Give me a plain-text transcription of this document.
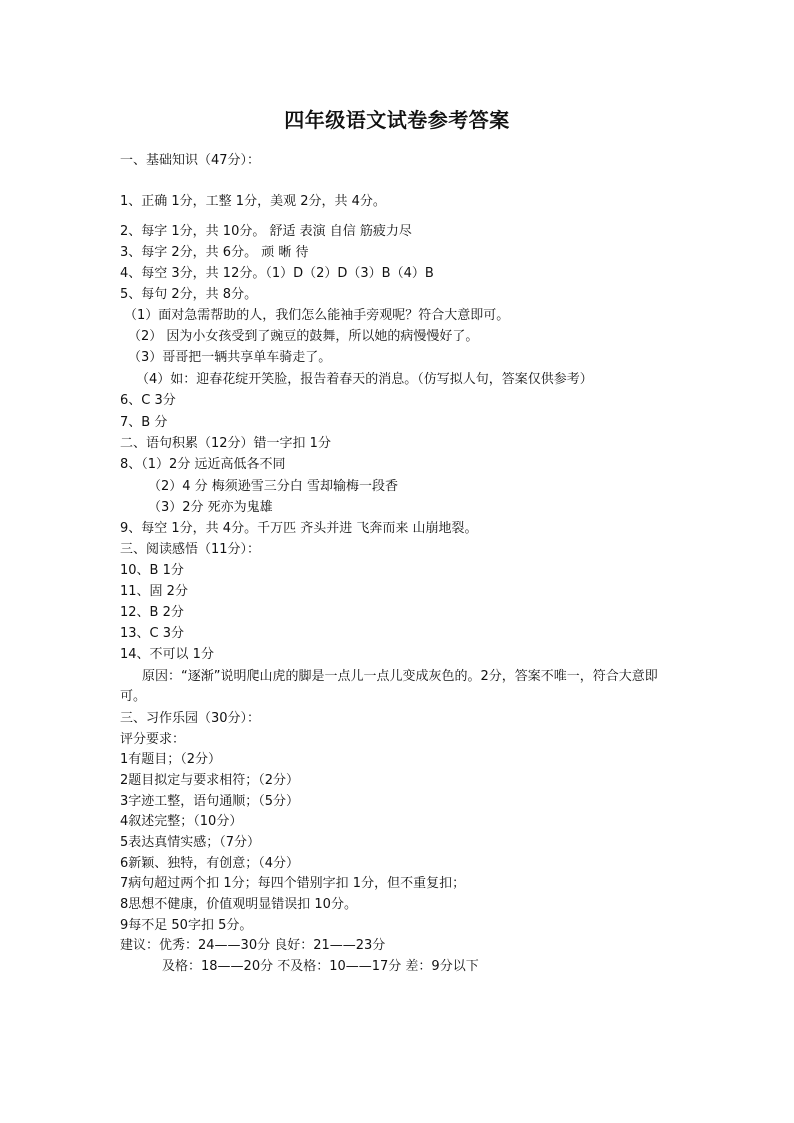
四年级语文试卷参考答案
一、基础知识（47分）：
1、正确 1分，工整 1分，美观 2分，共 4分。
2、每字 1分，共 10分。 舒适 表演 自信 筋疲力尽
3、每字 2分，共 6分。 顽 晰 待
4、每空 3分，共 12分。（1）D（2）D（3）B（4）B
5、每句 2分，共 8分。
（1）面对急需帮助的人，我们怎么能袖手旁观呢？符合大意即可。
（2） 因为小女孩受到了豌豆的鼓舞，所以她的病慢慢好了。
（3）哥哥把一辆共享单车骑走了。
（4）如：迎春花绽开笑脸，报告着春天的消息。（仿写拟人句，答案仅供参考）
6、C 3分
7、B 分
二、语句积累（12分）错一字扣 1分
8、（1）2分 远近高低各不同
（2）4 分 梅须逊雪三分白 雪却输梅一段香
（3）2分 死亦为鬼雄
9、每空 1分，共 4分。千万匹 齐头并进 飞奔而来 山崩地裂。
三、阅读感悟（11分）：
10、B 1分
11、固 2分
12、B 2分
13、C 3分
14、不可以 1分
原因：“逐渐”说明爬山虎的脚是一点儿一点儿变成灰色的。2分，答案不唯一，符合大意即可。
三、习作乐园（30分）：
评分要求：
1有题目；（2分）
2题目拟定与要求相符；（2分）
3字迹工整，语句通顺；（5分）
4叙述完整；（10分）
5表达真情实感；（7分）
6新颖、独特，有创意；（4分）
7病句超过两个扣 1分；每四个错别字扣 1分，但不重复扣；
8思想不健康，价值观明显错误扣 10分。
9每不足 50字扣 5分。
建议：优秀：24——30分 良好：21——23分
及格：18——20分 不及格：10——17分 差：9分以下
